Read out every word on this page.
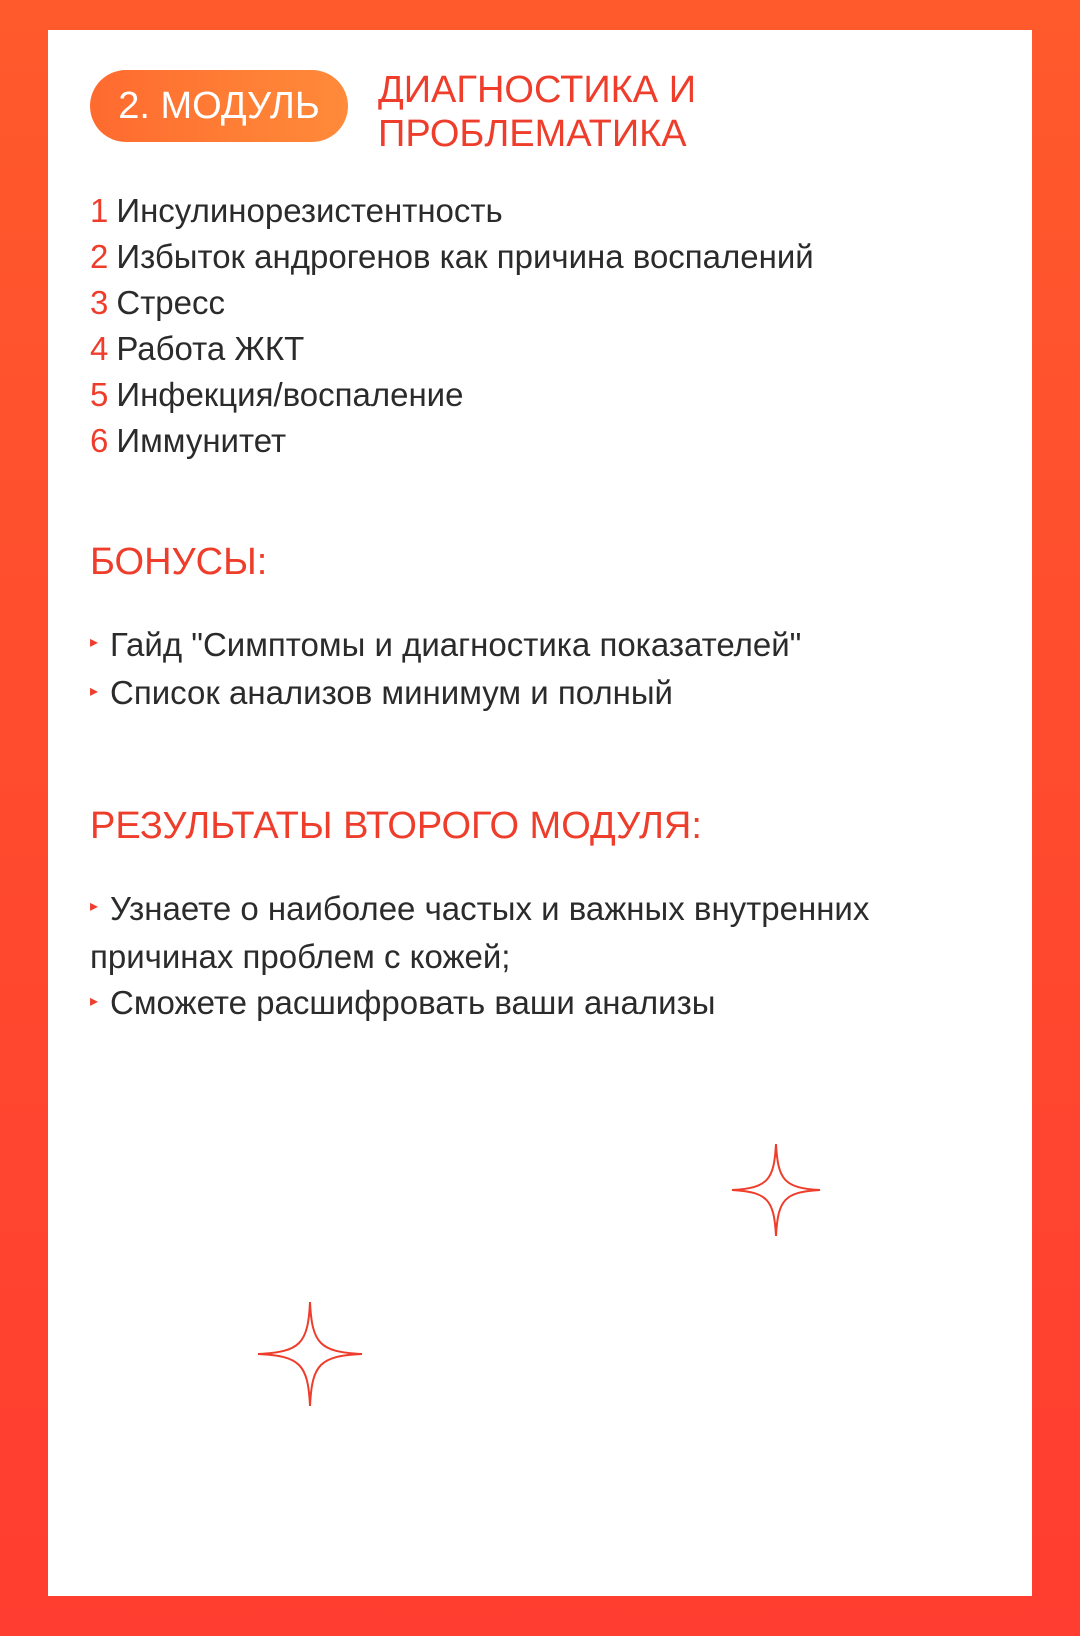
2. МОДУЛЬ	ДИАГНОСТИКА И
ПРОБЛЕМАТИКА
1 Инсулинорезистентность
2 Избыток андрогенов как причина воспалений
3 Стресс
4 Работа ЖКТ
5 Инфекция/воспаление
6 Иммунитет
БОНУСЫ:
▸ Гайд "Симптомы и диагностика показателей"
▸ Список анализов минимум и полный
РЕЗУЛЬТАТЫ ВТОРОГО МОДУЛЯ:
▸ Узнаете о наиболее частых и важных внутренних причинах проблем с кожей;
▸ Сможете расшифровать ваши анализы
